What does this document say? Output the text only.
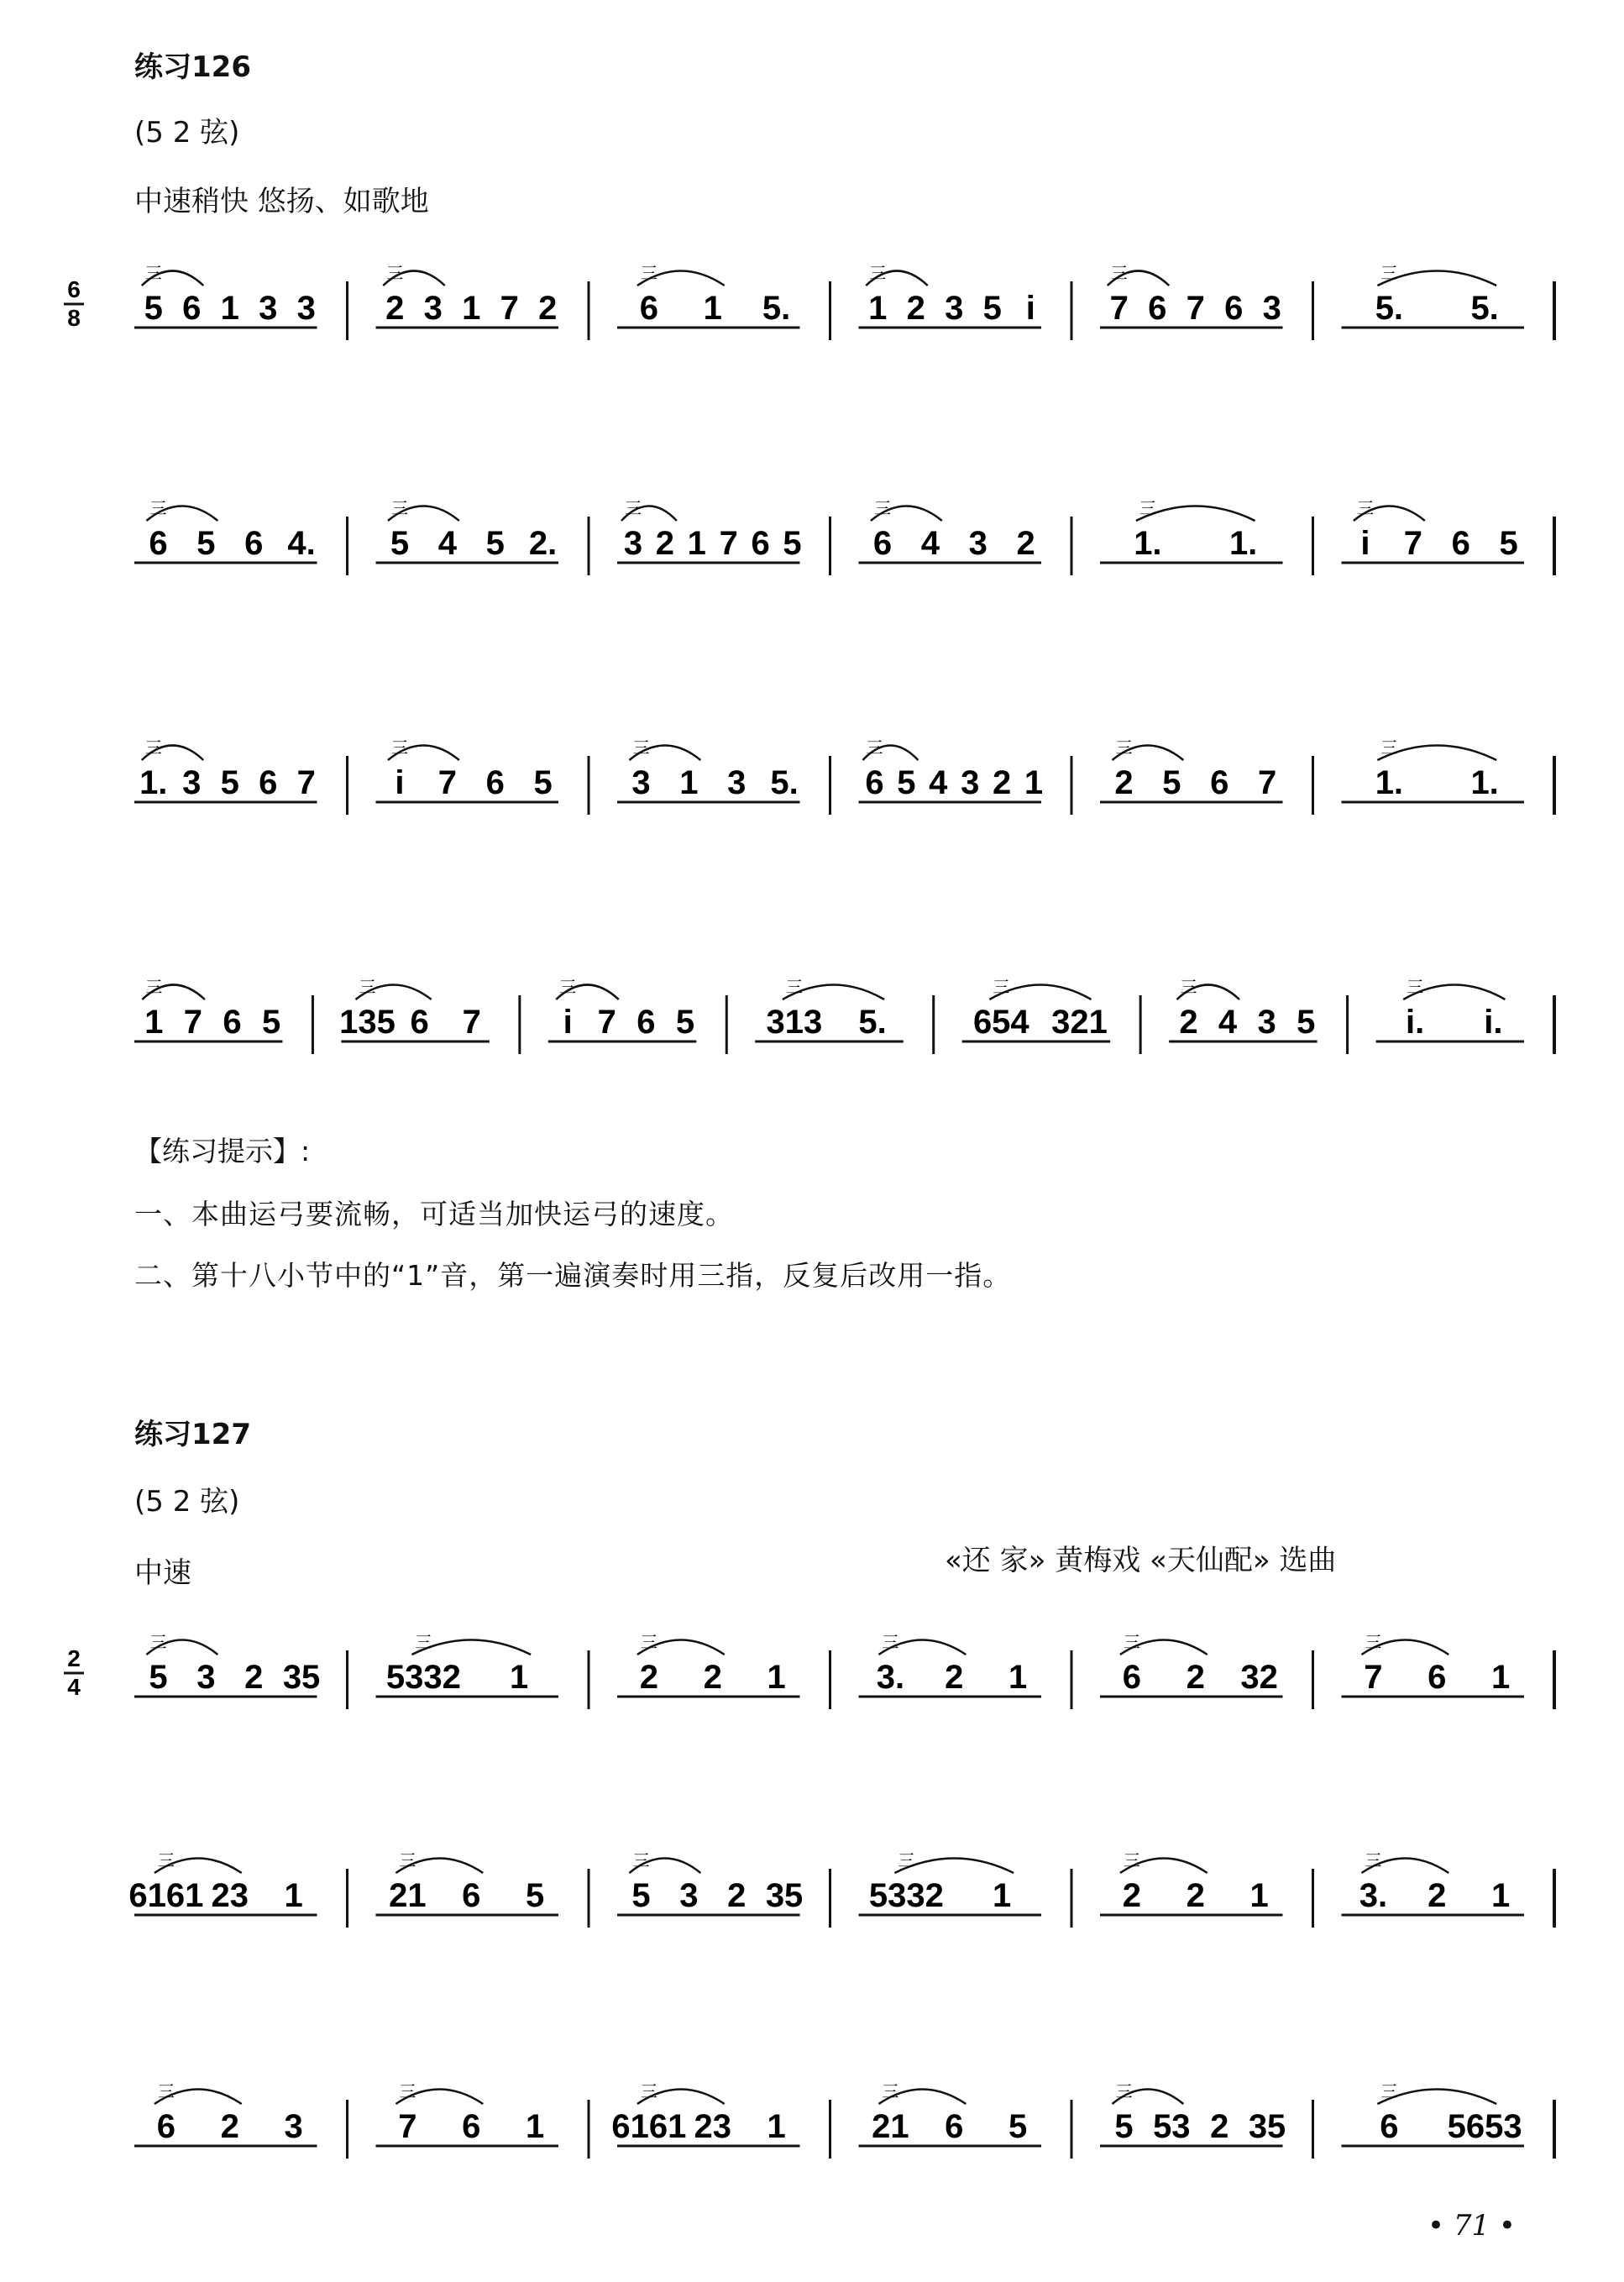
练习126
(5 2 弦)
中速稍快 悠扬、如歌地
【练习提示】:
一、本曲运弓要流畅，可适当加快运弓的速度。
二、第十八小节中的“1”音，第一遍演奏时用三指，反复后改用一指。
练习127
(5 2 弦)
中速	«还 家» 黄梅戏 «天仙配» 选曲
• 71 •
6
8 5
三
6 1 3 3 2
三
3 1 7 2 6
三
1 5. 1
三
2 3 5 i 7
三
6 7 6 3	5.
三
5.
6
三
5 6 4. 5
三
4 5 2. 3
三
2 1 7 6 5 6
三
4 3 2	1.
三
1.	i
三
7 6 5
1.
三
3 5 6 7 i
三
7 6 5 3
三
1 3 5. 6
三
5 4 3 2 1 2
三
5 6 7	1.
三
1.
1
三
7 6 5 135
三
6 7 i
三
7 6 5 313
三
5.	654
三
321 2
三
4 3 5	i.
三
i.
2
4 5
三
3 2 35 5332
三
1	2
三
2 1	3.
三
2 1	6
三
2 32	7
三
6 1
6161
三
23 1	21
三
6 5	5
三
3 2 35 5332
三
1	2
三
2 1	3.
三
2 1
6
三
2 3	7
三
6 1 6161
三
23 1	21
三
6 5	5
三
53 2 35	6
三
5653
